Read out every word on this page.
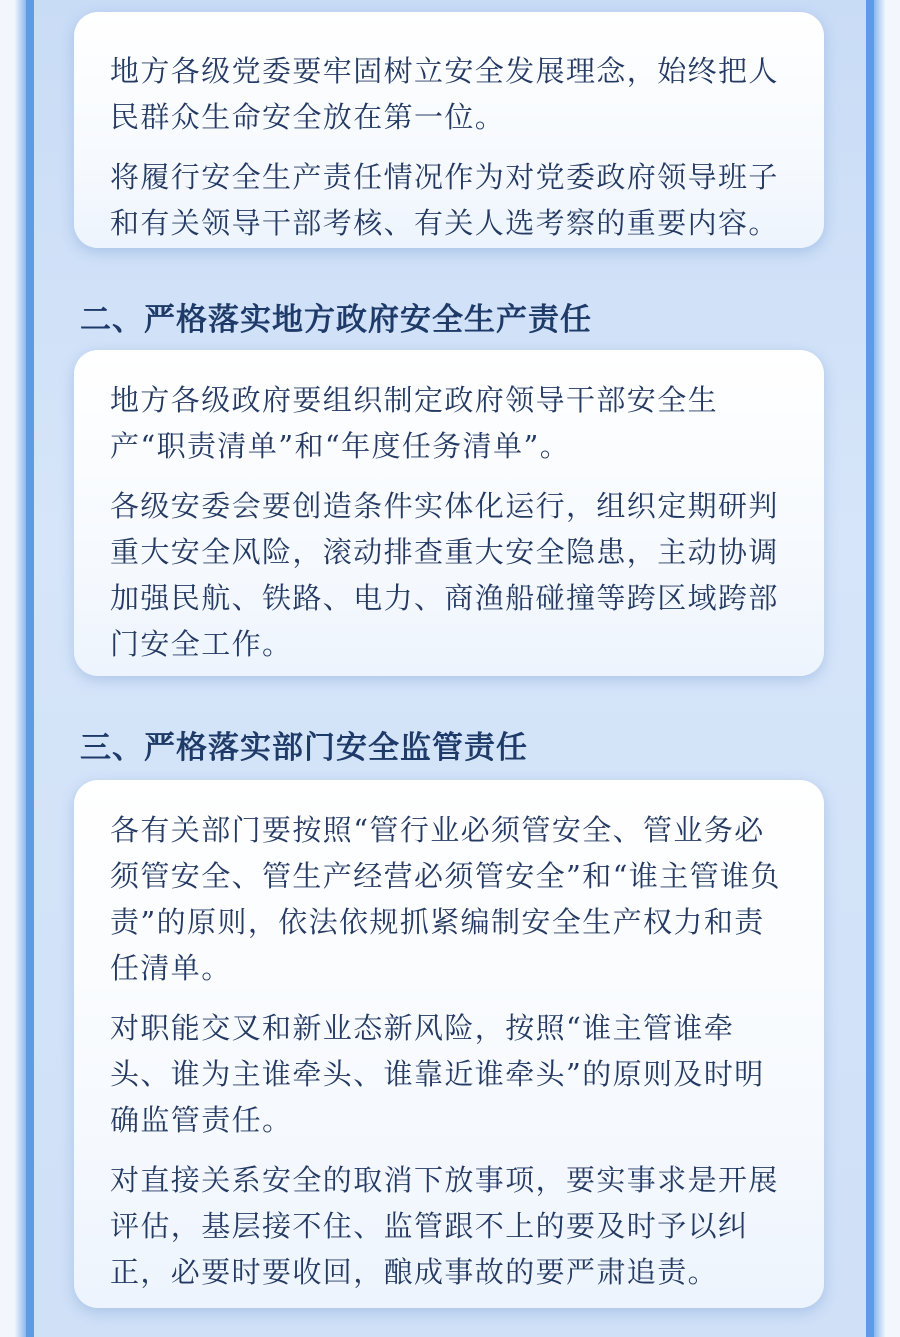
地方各级党委要牢固树立安全发展理念，始终把人民群众生命安全放在第一位。

将履行安全生产责任情况作为对党委政府领导班子和有关领导干部考核、有关人选考察的重要内容。

二、严格落实地方政府安全生产责任

地方各级政府要组织制定政府领导干部安全生产“职责清单”和“年度任务清单”。

各级安委会要创造条件实体化运行，组织定期研判重大安全风险，滚动排查重大安全隐患，主动协调加强民航、铁路、电力、商渔船碰撞等跨区域跨部门安全工作。

三、严格落实部门安全监管责任

各有关部门要按照“管行业必须管安全、管业务必须管安全、管生产经营必须管安全”和“谁主管谁负责”的原则，依法依规抓紧编制安全生产权力和责任清单。

对职能交叉和新业态新风险，按照“谁主管谁牵头、谁为主谁牵头、谁靠近谁牵头”的原则及时明确监管责任。

对直接关系安全的取消下放事项，要实事求是开展评估，基层接不住、监管跟不上的要及时予以纠正，必要时要收回，酿成事故的要严肃追责。
